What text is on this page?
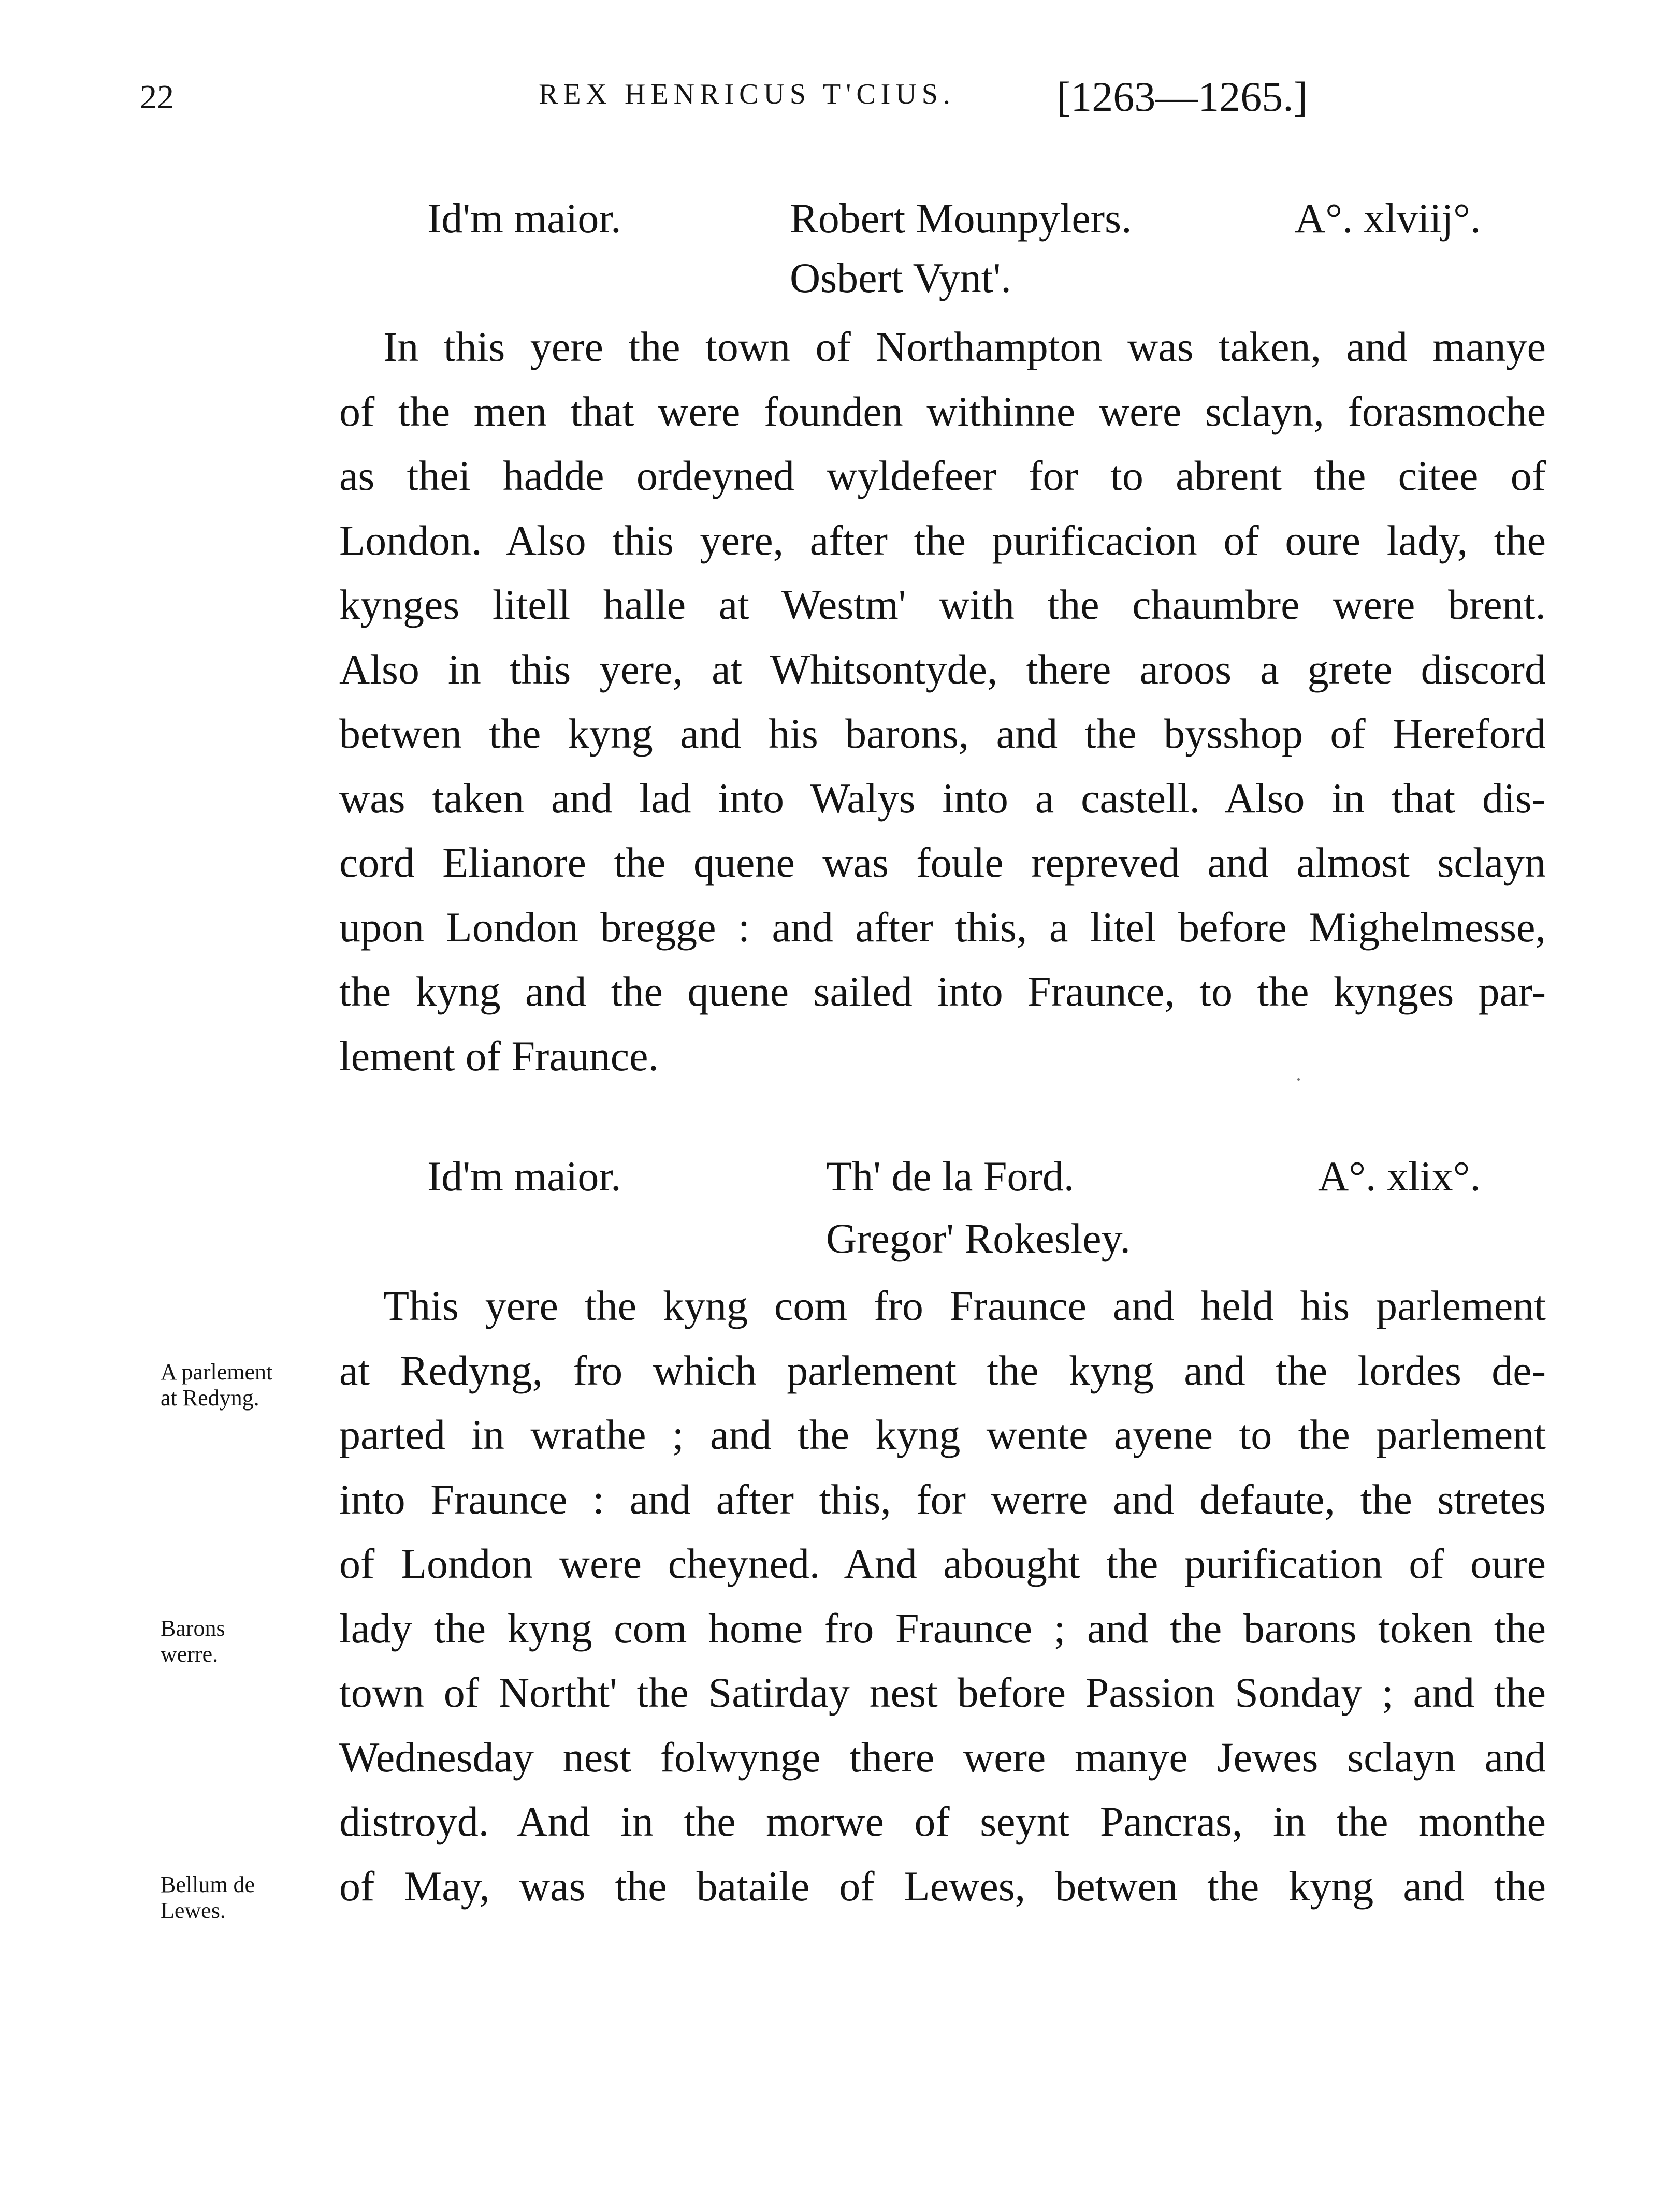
22	REX HENRICUS T'CIUS. [1263—1265.]
Id'm maior.	Robert Mounpylers.	A°. xlviij°.
Osbert Vynt'.
In this yere the town of Northampton was taken, and manye
of the men that were founden withinne were sclayn, forasmoche
as thei hadde ordeyned wyldefeer for to abrent the citee of
London. Also this yere, after the purificacion of oure lady, the
kynges litell halle at Westm' with the chaumbre were brent.
Also in this yere, at Whitsontyde, there aroos a grete discord
betwen the kyng and his barons, and the bysshop of Hereford
was taken and lad into Walys into a castell. Also in that dis-
cord Elianore the quene was foule repreved and almost sclayn
upon London bregge : and after this, a litel before Mighelmesse,
the kyng and the quene sailed into Fraunce, to the kynges par-
lement of Fraunce.
Id'm maior.	Th' de la Ford.	A°. xlix°.
Gregor' Rokesley.
This yere the kyng com fro Fraunce and held his parlement
at Redyng, fro which parlement the kyng and the lordes de-
parted in wrathe ; and the kyng wente ayene to the parlement
into Fraunce : and after this, for werre and defaute, the stretes
of London were cheyned. And abought the purification of oure
lady the kyng com home fro Fraunce ; and the barons token the
town of Northt' the Satirday nest before Passion Sonday ; and the
Wednesday nest folwynge there were manye Jewes sclayn and
distroyd. And in the morwe of seynt Pancras, in the monthe
of May, was the bataile of Lewes, betwen the kyng and the
A parlement
at Redyng.
Barons
werre.
Bellum de
Lewes.
